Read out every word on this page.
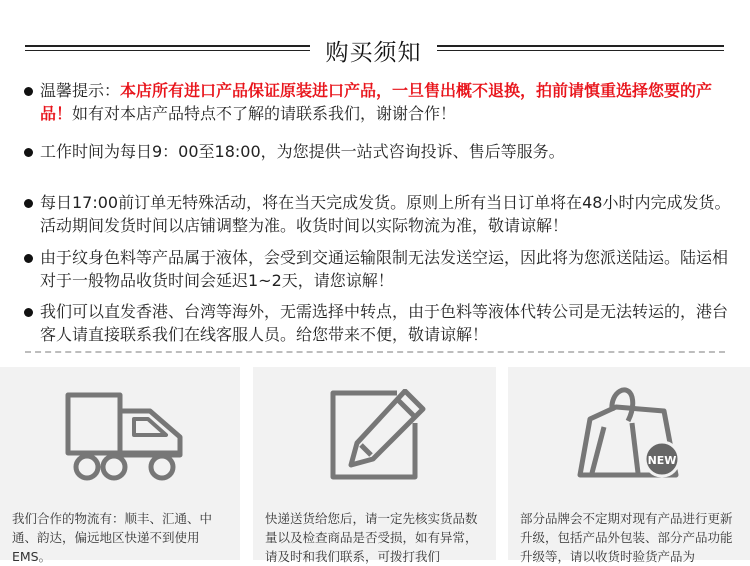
购买须知
温馨提示：本店所有进口产品保证原装进口产品，一旦售出概不退换，拍前请慎重选择您要的产品！如有对本店产品特点不了解的请联系我们，谢谢合作！
工作时间为每日9：00至18:00，为您提供一站式咨询投诉、售后等服务。
每日17:00前订单无特殊活动，将在当天完成发货。原则上所有当日订单将在48小时内完成发货。活动期间发货时间以店铺调整为准。收货时间以实际物流为准，敬请谅解！
由于纹身色料等产品属于液体，会受到交通运输限制无法发送空运，因此将为您派送陆运。陆运相对于一般物品收货时间会延迟1~2天，请您谅解！
我们可以直发香港、台湾等海外，无需选择中转点，由于色料等液体代转公司是无法转运的，港台客人请直接联系我们在线客服人员。给您带来不便，敬请谅解！
我们合作的物流有：顺丰、汇通、中通、韵达，偏远地区快递不到使用EMS。
快递送货给您后，请一定先核实货品数量以及检查商品是否受损，如有异常，请及时和我们联系，可拨打我们
NEW
部分品牌会不定期对现有产品进行更新升级，包括产品外包装、部分产品功能升级等，请以收货时验货产品为
